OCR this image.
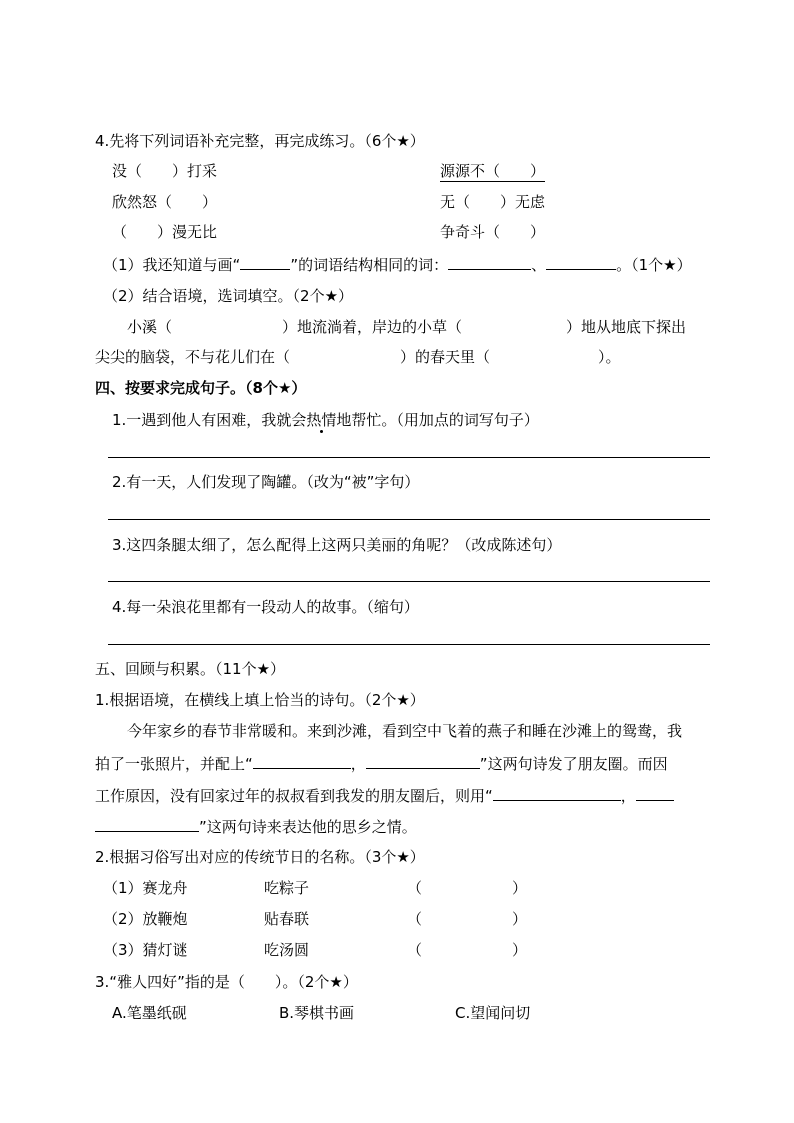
4.先将下列词语补充完整，再完成练习。（6个★）
没（　　）打采	源源不（　　）
欣然怒（　　）	无（　　）无虑
（　　）漫无比	争奇斗（　　）
（1）我还知道与画“	”的词语结构相同的词：	、	。（1个★）
（2）结合语境，选词填空。（2个★）
小溪（	）地流淌着，岸边的小草（	）地从地底下探出
尖尖的脑袋，不与花儿们在（	）的春天里（	）。
四、按要求完成句子。（8个★）
1.一遇到他人有困难，我就会热情地帮忙。（用加点的词写句子）
2.有一天，人们发现了陶罐。（改为“被”字句）
3.这四条腿太细了，怎么配得上这两只美丽的角呢？（改成陈述句）
4.每一朵浪花里都有一段动人的故事。（缩句）
五、回顾与积累。（11个★）
1.根据语境，在横线上填上恰当的诗句。（2个★）
今年家乡的春节非常暖和。来到沙滩，看到空中飞着的燕子和睡在沙滩上的鸳鸯，我
拍了一张照片，并配上“	，	”这两句诗发了朋友圈。而因
工作原因，没有回家过年的叔叔看到我发的朋友圈后，则用“	，
”这两句诗来表达他的思乡之情。
2.根据习俗写出对应的传统节日的名称。（3个★）
（1）赛龙舟	吃粽子	（　　　　　　）
（2）放鞭炮	贴春联	（　　　　　　）
（3）猜灯谜	吃汤圆	（　　　　　　）
3.“雅人四好”指的是（　　）。（2个★）
A.笔墨纸砚	B.琴棋书画	C.望闻问切
